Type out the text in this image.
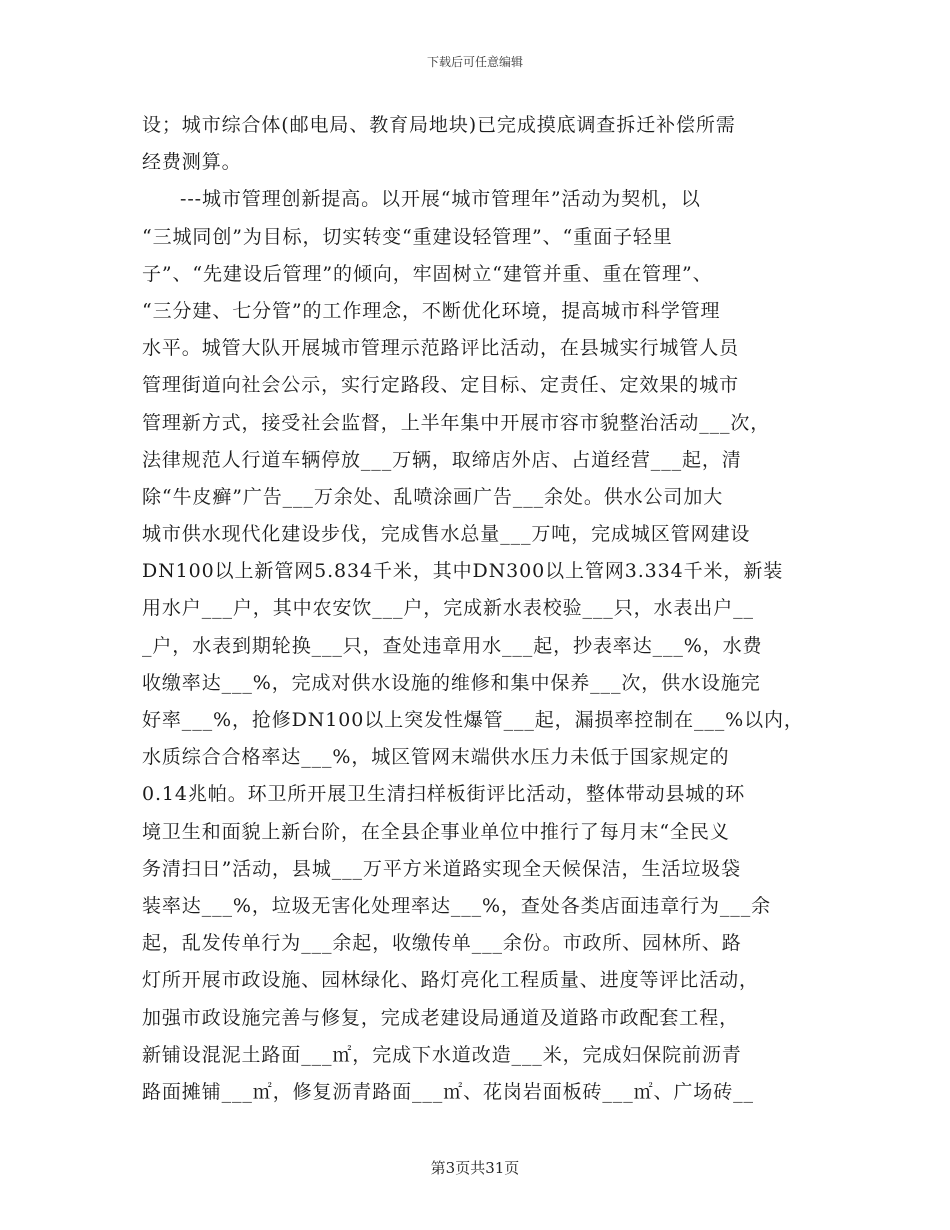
下载后可任意编辑
设；城市综合体(邮电局、教育局地块)已完成摸底调查拆迁补偿所需
经费测算。
---城市管理创新提高。以开展“城市管理年”活动为契机，以
“三城同创”为目标，切实转变“重建设轻管理”、“重面子轻里
子”、“先建设后管理”的倾向，牢固树立“建管并重、重在管理”、
“三分建、七分管”的工作理念，不断优化环境，提高城市科学管理
水平。城管大队开展城市管理示范路评比活动，在县城实行城管人员
管理街道向社会公示，实行定路段、定目标、定责任、定效果的城市
管理新方式，接受社会监督，上半年集中开展市容市貌整治活动___次，
法律规范人行道车辆停放___万辆，取缔店外店、占道经营___起，清
除“牛皮癣”广告___万余处、乱喷涂画广告___余处。供水公司加大
城市供水现代化建设步伐，完成售水总量___万吨，完成城区管网建设
DN100以上新管网5.834千米，其中DN300以上管网3.334千米，新装
用水户___户，其中农安饮___户，完成新水表校验___只，水表出户__
_户，水表到期轮换___只，查处违章用水___起，抄表率达___%，水费
收缴率达___%，完成对供水设施的维修和集中保养___次，供水设施完
好率___%，抢修DN100以上突发性爆管___起，漏损率控制在___%以内，
水质综合合格率达___%，城区管网末端供水压力未低于国家规定的
0.14兆帕。环卫所开展卫生清扫样板街评比活动，整体带动县城的环
境卫生和面貌上新台阶，在全县企事业单位中推行了每月末“全民义
务清扫日”活动，县城___万平方米道路实现全天候保洁，生活垃圾袋
装率达___%，垃圾无害化处理率达___%，查处各类店面违章行为___余
起，乱发传单行为___余起，收缴传单___余份。市政所、园林所、路
灯所开展市政设施、园林绿化、路灯亮化工程质量、进度等评比活动，
加强市政设施完善与修复，完成老建设局通道及道路市政配套工程，
新铺设混泥土路面___㎡，完成下水道改造___米，完成妇保院前沥青
路面摊铺___㎡，修复沥青路面___㎡、花岗岩面板砖___㎡、广场砖__
第3页共31页
